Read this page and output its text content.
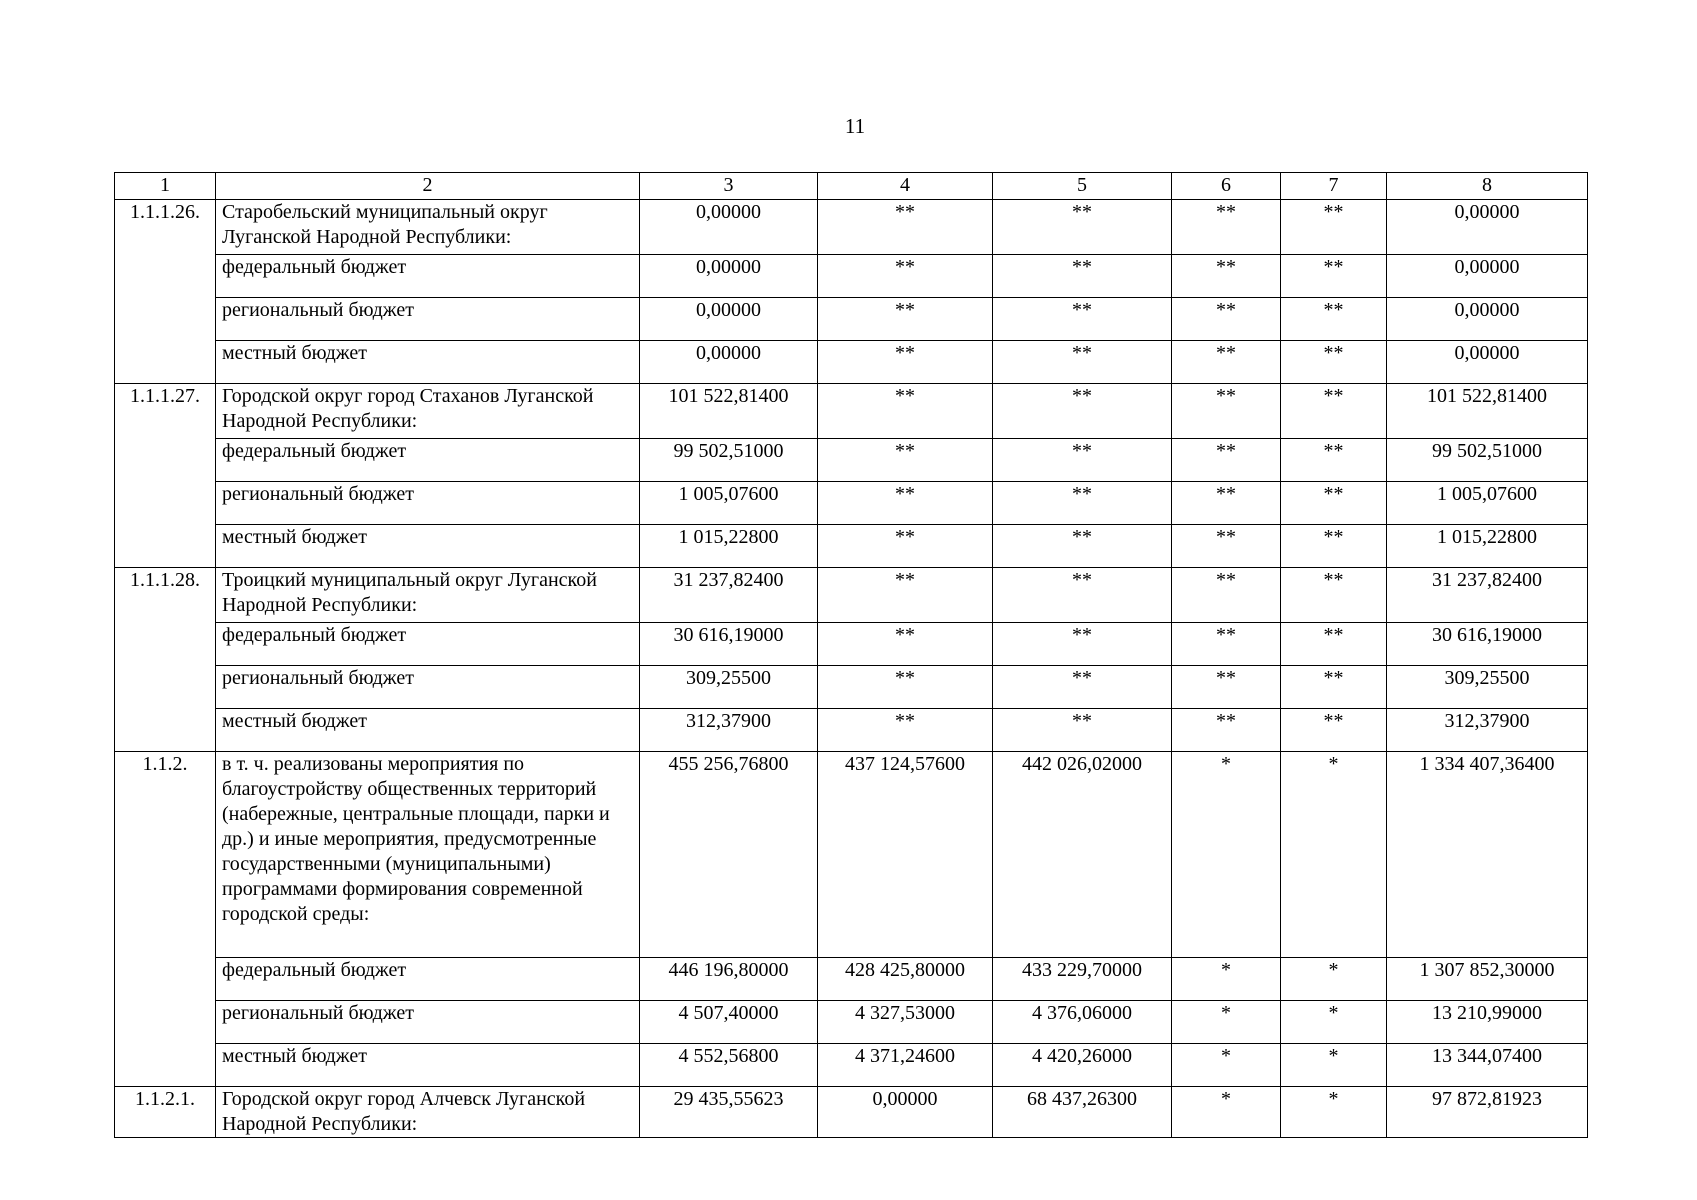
11
1	2	3	4	5	6	7	8
1.1.1.26.	Старобельский муниципальный округ Луганской Народной Республики:	0,00000	**	**	**	**	0,00000
	федеральный бюджет	0,00000	**	**	**	**	0,00000
	региональный бюджет	0,00000	**	**	**	**	0,00000
	местный бюджет	0,00000	**	**	**	**	0,00000
1.1.1.27.	Городской округ город Стаханов Луганской Народной Республики:	101 522,81400	**	**	**	**	101 522,81400
	федеральный бюджет	99 502,51000	**	**	**	**	99 502,51000
	региональный бюджет	1 005,07600	**	**	**	**	1 005,07600
	местный бюджет	1 015,22800	**	**	**	**	1 015,22800
1.1.1.28.	Троицкий муниципальный округ Луганской Народной Республики:	31 237,82400	**	**	**	**	31 237,82400
	федеральный бюджет	30 616,19000	**	**	**	**	30 616,19000
	региональный бюджет	309,25500	**	**	**	**	309,25500
	местный бюджет	312,37900	**	**	**	**	312,37900
1.1.2.	в т. ч. реализованы мероприятия по благоустройству общественных территорий (набережные, центральные площади, парки и др.) и иные мероприятия, предусмотренные государственными (муниципальными) программами формирования современной городской среды:	455 256,76800	437 124,57600	442 026,02000	*	*	1 334 407,36400
	федеральный бюджет	446 196,80000	428 425,80000	433 229,70000	*	*	1 307 852,30000
	региональный бюджет	4 507,40000	4 327,53000	4 376,06000	*	*	13 210,99000
	местный бюджет	4 552,56800	4 371,24600	4 420,26000	*	*	13 344,07400
1.1.2.1.	Городской округ город Алчевск Луганской Народной Республики:	29 435,55623	0,00000	68 437,26300	*	*	97 872,81923
